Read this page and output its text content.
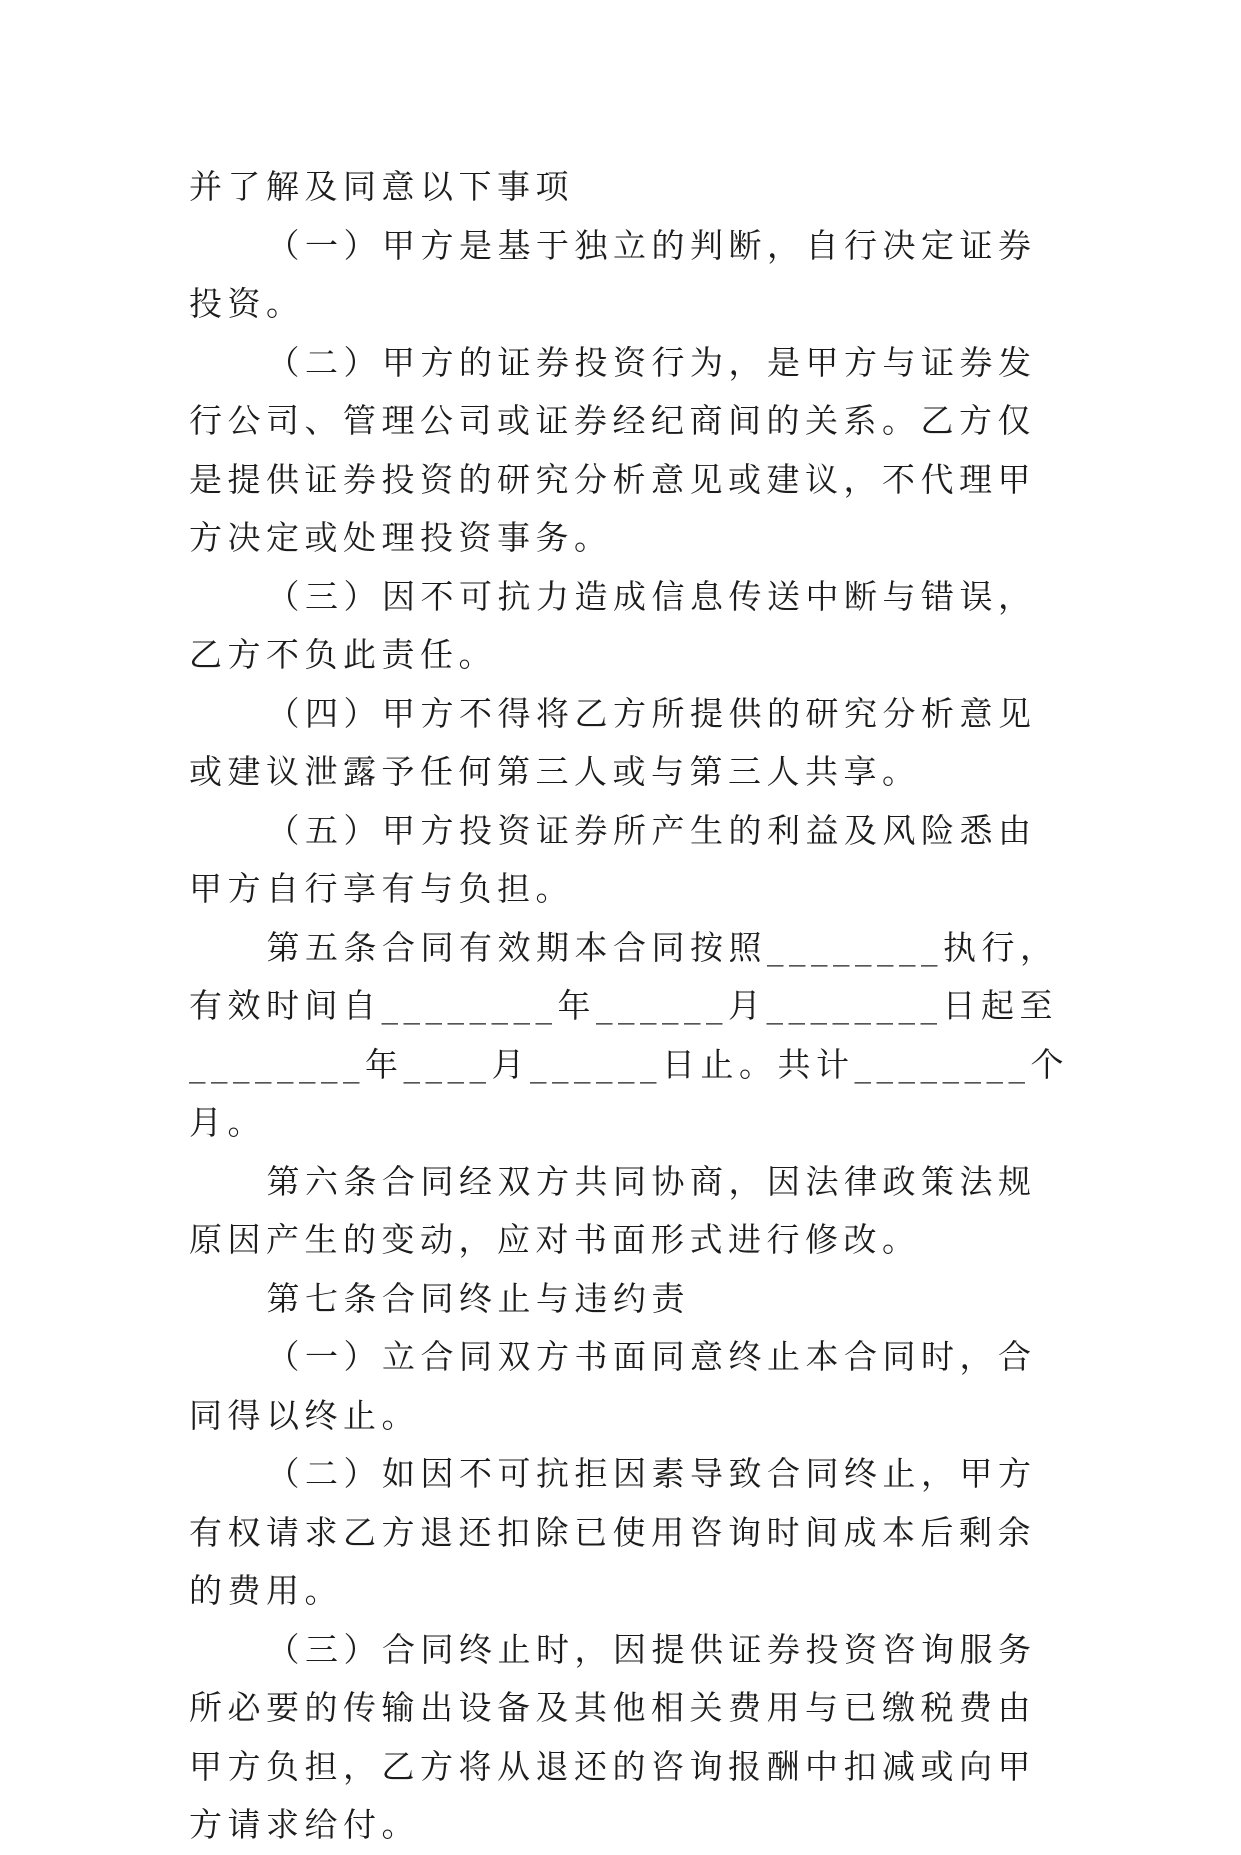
并了解及同意以下事项

（一）甲方是基于独立的判断，自行决定证券投资。

（二）甲方的证券投资行为，是甲方与证券发行公司、管理公司或证券经纪商间的关系。乙方仅是提供证券投资的研究分析意见或建议，不代理甲方决定或处理投资事务。

（三）因不可抗力造成信息传送中断与错误，乙方不负此责任。

（四）甲方不得将乙方所提供的研究分析意见或建议泄露予任何第三人或与第三人共享。

（五）甲方投资证券所产生的利益及风险悉由甲方自行享有与负担。

第五条合同有效期本合同按照________执行，有效时间自________年______月________日起至________年____月______日止。共计________个月。

第六条合同经双方共同协商，因法律政策法规原因产生的变动，应对书面形式进行修改。

第七条合同终止与违约责

（一）立合同双方书面同意终止本合同时，合同得以终止。

（二）如因不可抗拒因素导致合同终止，甲方有权请求乙方退还扣除已使用咨询时间成本后剩余的费用。

（三）合同终止时，因提供证券投资咨询服务所必要的传输出设备及其他相关费用与已缴税费由甲方负担，乙方将从退还的咨询报酬中扣减或向甲方请求给付。
